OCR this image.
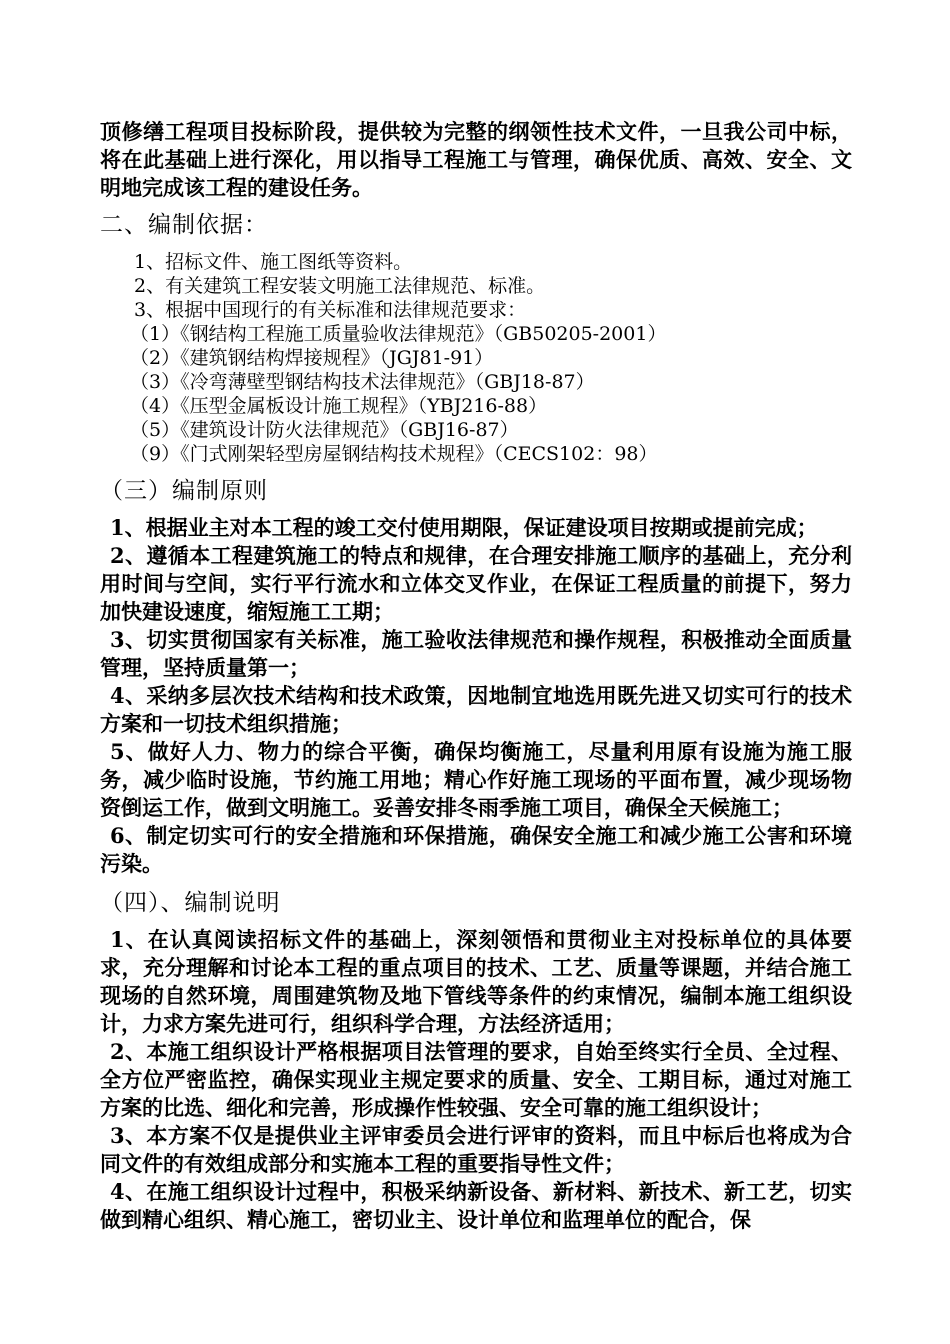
顶修缮工程项目投标阶段，提供较为完整的纲领性技术文件，一旦我公司中标，将在此基础上进行深化，用以指导工程施工与管理，确保优质、高效、安全、文明地完成该工程的建设任务。

二、编制依据：

1、招标文件、施工图纸等资料。

2、有关建筑工程安装文明施工法律规范、标准。

3、根据中国现行的有关标准和法律规范要求：

（1）《钢结构工程施工质量验收法律规范》（GB50205-2001）

（2）《建筑钢结构焊接规程》（JGJ81-91）

（3）《冷弯薄壁型钢结构技术法律规范》（GBJ18-87）

（4）《压型金属板设计施工规程》（YBJ216-88）

（5）《建筑设计防火法律规范》（GBJ16-87）

（9）《门式刚架轻型房屋钢结构技术规程》（CECS102：98）

（三）编制原则

1、根据业主对本工程的竣工交付使用期限，保证建设项目按期或提前完成；

2、遵循本工程建筑施工的特点和规律，在合理安排施工顺序的基础上，充分利用时间与空间，实行平行流水和立体交叉作业，在保证工程质量的前提下，努力加快建设速度，缩短施工工期；

3、切实贯彻国家有关标准，施工验收法律规范和操作规程，积极推动全面质量管理，坚持质量第一；

4、采纳多层次技术结构和技术政策，因地制宜地选用既先进又切实可行的技术方案和一切技术组织措施；

5、做好人力、物力的综合平衡，确保均衡施工，尽量利用原有设施为施工服务，减少临时设施，节约施工用地；精心作好施工现场的平面布置，减少现场物资倒运工作，做到文明施工。妥善安排冬雨季施工项目，确保全天候施工；

6、制定切实可行的安全措施和环保措施，确保安全施工和减少施工公害和环境污染。

（四）、编制说明

1、在认真阅读招标文件的基础上，深刻领悟和贯彻业主对投标单位的具体要求，充分理解和讨论本工程的重点项目的技术、工艺、质量等课题，并结合施工现场的自然环境，周围建筑物及地下管线等条件的约束情况，编制本施工组织设计，力求方案先进可行，组织科学合理，方法经济适用；

2、本施工组织设计严格根据项目法管理的要求，自始至终实行全员、全过程、全方位严密监控，确保实现业主规定要求的质量、安全、工期目标，通过对施工方案的比选、细化和完善，形成操作性较强、安全可靠的施工组织设计；

3、本方案不仅是提供业主评审委员会进行评审的资料，而且中标后也将成为合同文件的有效组成部分和实施本工程的重要指导性文件；

4、在施工组织设计过程中，积极采纳新设备、新材料、新技术、新工艺，切实做到精心组织、精心施工，密切业主、设计单位和监理单位的配合，保
